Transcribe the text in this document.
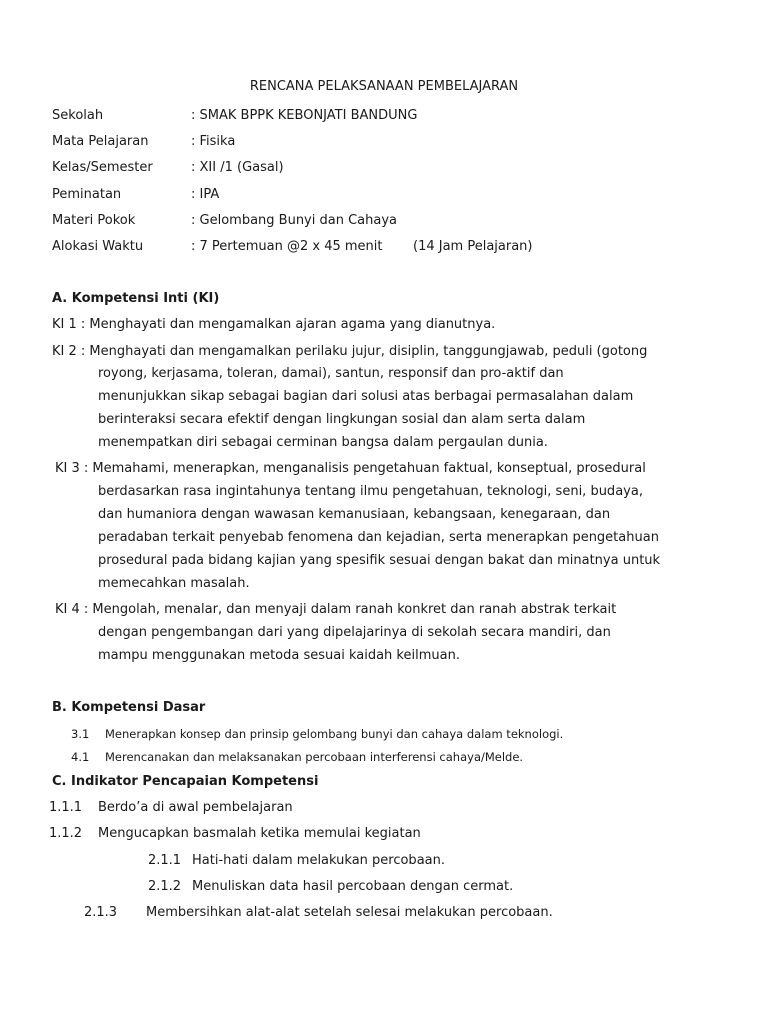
RENCANA PELAKSANAAN PEMBELAJARAN
Sekolah	: SMAK BPPK KEBONJATI BANDUNG
Mata Pelajaran	: Fisika
Kelas/Semester	: XII /1 (Gasal)
Peminatan	: IPA
Materi Pokok	: Gelombang Bunyi dan Cahaya
Alokasi Waktu	: 7 Pertemuan @2 x 45 menit (14 Jam Pelajaran)
A. Kompetensi Inti (KI)
KI 1 : Menghayati dan mengamalkan ajaran agama yang dianutnya.
KI 2 : Menghayati dan mengamalkan perilaku jujur, disiplin, tanggungjawab, peduli (gotong
royong, kerjasama, toleran, damai), santun, responsif dan pro-aktif dan
menunjukkan sikap sebagai bagian dari solusi atas berbagai permasalahan dalam
berinteraksi secara efektif dengan lingkungan sosial dan alam serta dalam
menempatkan diri sebagai cerminan bangsa dalam pergaulan dunia.
KI 3 : Memahami, menerapkan, menganalisis pengetahuan faktual, konseptual, prosedural
berdasarkan rasa ingintahunya tentang ilmu pengetahuan, teknologi, seni, budaya,
dan humaniora dengan wawasan kemanusiaan, kebangsaan, kenegaraan, dan
peradaban terkait penyebab fenomena dan kejadian, serta menerapkan pengetahuan
prosedural pada bidang kajian yang spesifik sesuai dengan bakat dan minatnya untuk
memecahkan masalah.
KI 4 : Mengolah, menalar, dan menyaji dalam ranah konkret dan ranah abstrak terkait
dengan pengembangan dari yang dipelajarinya di sekolah secara mandiri, dan
mampu menggunakan metoda sesuai kaidah keilmuan.
B. Kompetensi Dasar
3.1 Menerapkan konsep dan prinsip gelombang bunyi dan cahaya dalam teknologi.
4.1 Merencanakan dan melaksanakan percobaan interferensi cahaya/Melde.
C. Indikator Pencapaian Kompetensi
1.1.1 Berdo’a di awal pembelajaran
1.1.2 Mengucapkan basmalah ketika memulai kegiatan
2.1.1 Hati-hati dalam melakukan percobaan.
2.1.2 Menuliskan data hasil percobaan dengan cermat.
2.1.3 Membersihkan alat-alat setelah selesai melakukan percobaan.
